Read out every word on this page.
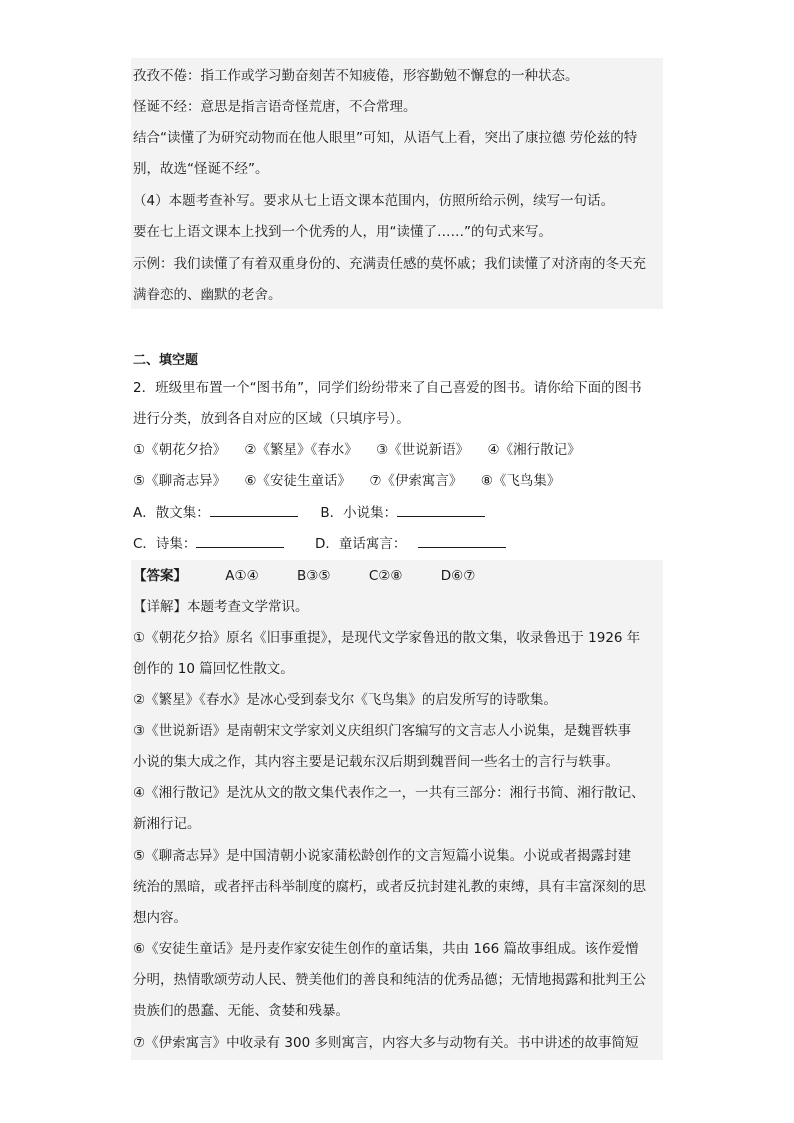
孜孜不倦：指工作或学习勤奋刻苦不知疲倦，形容勤勉不懈怠的一种状态。
怪诞不经：意思是指言语奇怪荒唐，不合常理。
结合“读懂了为研究动物而在他人眼里”可知，从语气上看，突出了康拉德 劳伦兹的特
别，故选“怪诞不经”。
（4）本题考查补写。要求从七上语文课本范围内，仿照所给示例，续写一句话。
要在七上语文课本上找到一个优秀的人，用“读懂了……”的句式来写。
示例：我们读懂了有着双重身份的、充满责任感的莫怀戚；我们读懂了对济南的冬天充
满眷恋的、幽默的老舍。
二、填空题
2．班级里布置一个“图书角”，同学们纷纷带来了自己喜爱的图书。请你给下面的图书
进行分类，放到各自对应的区域（只填序号）。
①《朝花夕拾》 ②《繁星》《春水》 ③《世说新语》 ④《湘行散记》
⑤《聊斋志异》 ⑥《安徒生童话》 ⑦《伊索寓言》 ⑧《飞鸟集》
A．散文集：	B．小说集：
C．诗集：	D．童话寓言：
【答案】	A①④	B③⑤	C②⑧	D⑥⑦
【详解】本题考查文学常识。
①《朝花夕拾》原名《旧事重提》，是现代文学家鲁迅的散文集，收录鲁迅于 1926 年
创作的 10 篇回忆性散文。
②《繁星》《春水》是冰心受到泰戈尔《飞鸟集》的启发所写的诗歌集。
③《世说新语》是南朝宋文学家刘义庆组织门客编写的文言志人小说集，是魏晋轶事
小说的集大成之作，其内容主要是记载东汉后期到魏晋间一些名士的言行与轶事。
④《湘行散记》是沈从文的散文集代表作之一，一共有三部分：湘行书简、湘行散记、
新湘行记。
⑤《聊斋志异》是中国清朝小说家蒲松龄创作的文言短篇小说集。小说或者揭露封建
统治的黑暗，或者抨击科举制度的腐朽，或者反抗封建礼教的束缚，具有丰富深刻的思
想内容。
⑥《安徒生童话》是丹麦作家安徒生创作的童话集，共由 166 篇故事组成。该作爱憎
分明，热情歌颂劳动人民、赞美他们的善良和纯洁的优秀品德；无情地揭露和批判王公
贵族们的愚蠢、无能、贪婪和残暴。
⑦《伊索寓言》中收录有 300 多则寓言，内容大多与动物有关。书中讲述的故事简短
